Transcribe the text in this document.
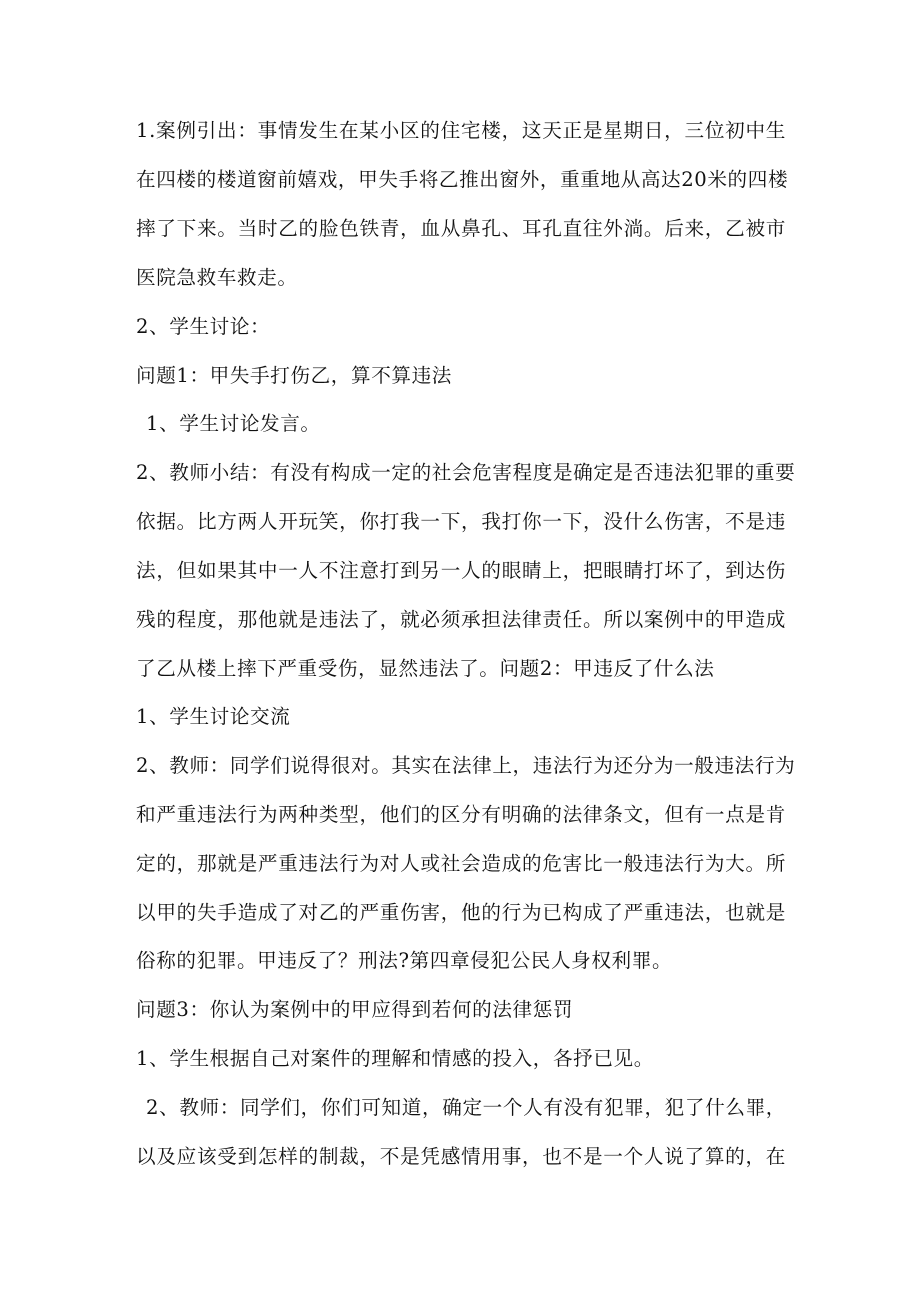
1.案例引出：事情发生在某小区的住宅楼，这天正是星期日，三位初中生
在四楼的楼道窗前嬉戏，甲失手将乙推出窗外，重重地从高达20米的四楼
摔了下来。当时乙的脸色铁青，血从鼻孔、耳孔直往外淌。后来，乙被市
医院急救车救走。
2、学生讨论：
问题1：甲失手打伤乙，算不算违法
1、学生讨论发言。
2、教师小结：有没有构成一定的社会危害程度是确定是否违法犯罪的重要
依据。比方两人开玩笑，你打我一下，我打你一下，没什么伤害，不是违
法，但如果其中一人不注意打到另一人的眼睛上，把眼睛打坏了，到达伤
残的程度，那他就是违法了，就必须承担法律责任。所以案例中的甲造成
了乙从楼上摔下严重受伤，显然违法了。问题2：甲违反了什么法
1、学生讨论交流
2、教师：同学们说得很对。其实在法律上，违法行为还分为一般违法行为
和严重违法行为两种类型，他们的区分有明确的法律条文，但有一点是肯
定的，那就是严重违法行为对人或社会造成的危害比一般违法行为大。所
以甲的失手造成了对乙的严重伤害，他的行为已构成了严重违法，也就是
俗称的犯罪。甲违反了？刑法?第四章侵犯公民人身权利罪。
问题3：你认为案例中的甲应得到若何的法律惩罚
1、学生根据自己对案件的理解和情感的投入，各抒已见。
2、教师：同学们，你们可知道，确定一个人有没有犯罪，犯了什么罪，
以及应该受到怎样的制裁，不是凭感情用事，也不是一个人说了算的，在
